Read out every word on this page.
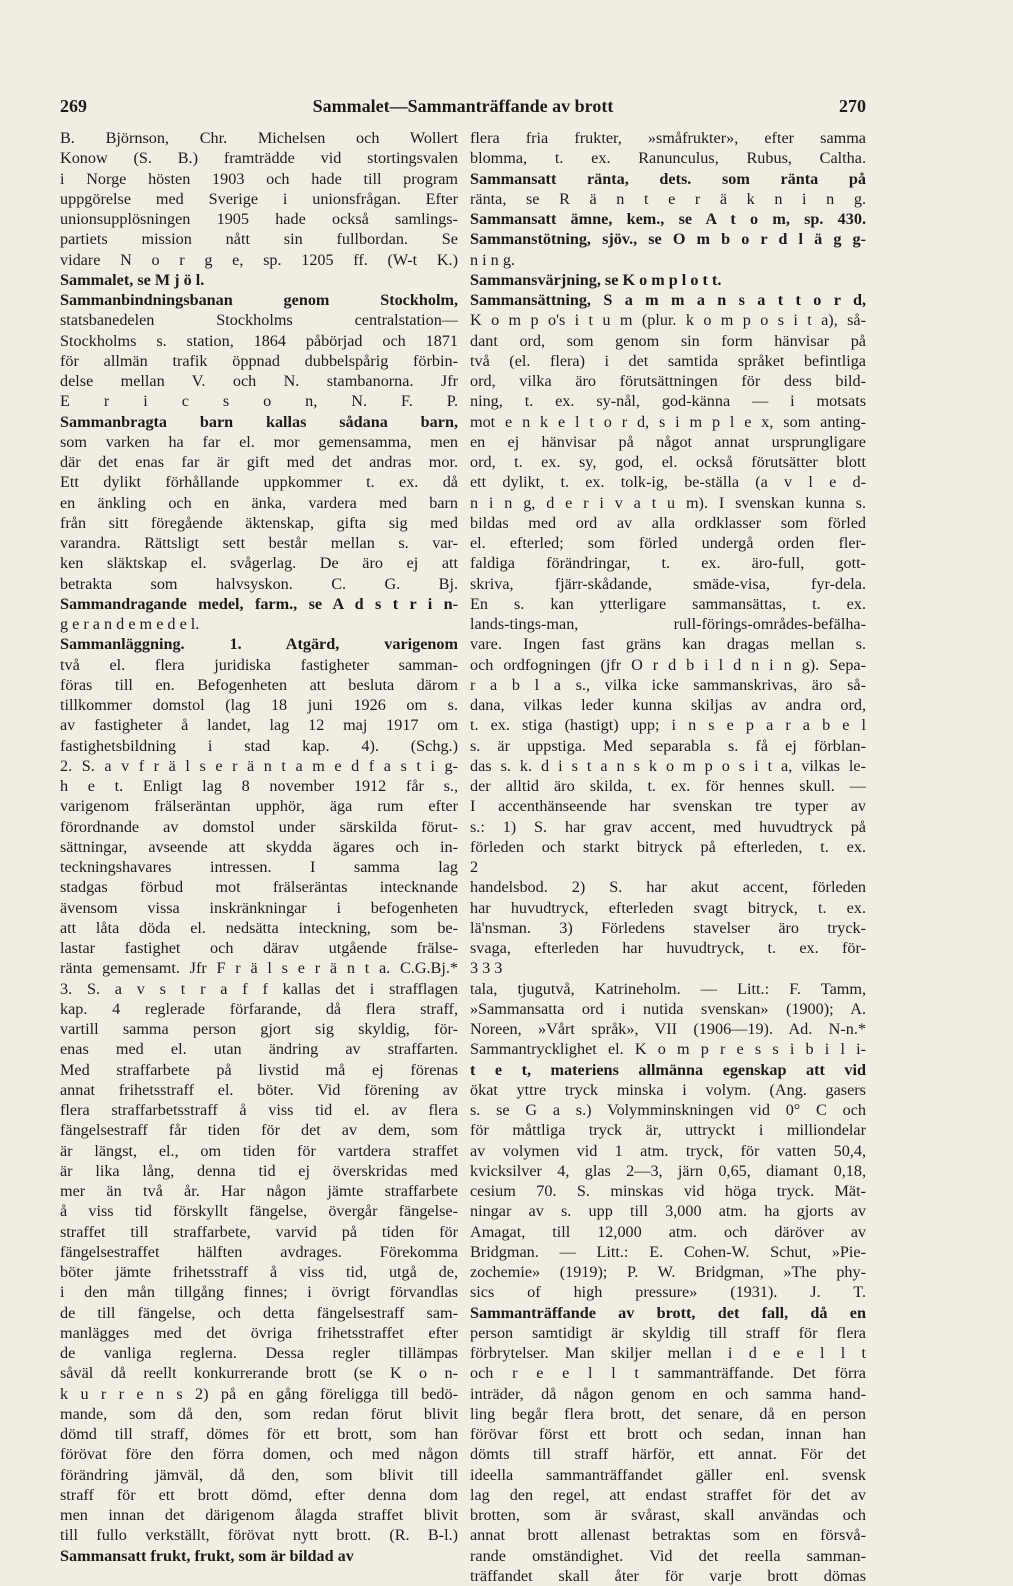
269	Sammalet—Sammanträffande av brott	270
B. Björnson, Chr. Michelsen och Wollert
Konow (S. B.) framträdde vid stortingsvalen
i Norge hösten 1903 och hade till program
uppgörelse med Sverige i unionsfrågan. Efter
unionsupplösningen 1905 hade också samlings-
partiets mission nått sin fullbordan. Se
vidare N o r g e, sp. 1205 ff. (W-t K.)
Sammalet, se M j ö l.
Sammanbindningsbanan genom Stockholm,
statsbanedelen Stockholms centralstation—
Stockholms s. station, 1864 påbörjad och 1871
för allmän trafik öppnad dubbelspårig förbin-
delse mellan V. och N. stambanorna. Jfr
E r i c s o n, N. F. P.
Sammanbragta barn kallas sådana barn,
som varken ha far el. mor gemensamma, men
där det enas far är gift med det andras mor.
Ett dylikt förhållande uppkommer t. ex. då
en änkling och en änka, vardera med barn
från sitt föregående äktenskap, gifta sig med
varandra. Rättsligt sett består mellan s. var-
ken släktskap el. svågerlag. De äro ej att
betrakta som halvsyskon. C. G. Bj.
Sammandragande medel, farm., se A d s t r i n-
g e r a n d e m e d e l.
Sammanläggning. 1. Atgärd, varigenom
två el. flera juridiska fastigheter samman-
föras till en. Befogenheten att besluta därom
tillkommer domstol (lag 18 juni 1926 om s.
av fastigheter å landet, lag 12 maj 1917 om
fastighetsbildning i stad kap. 4). (Schg.)
2. S. a v f r ä l s e r ä n t a m e d f a s t i g-
h e t. Enligt lag 8 november 1912 får s.,
varigenom frälseräntan upphör, äga rum efter
förordnande av domstol under särskilda förut-
sättningar, avseende att skydda ägares och in-
teckningshavares intressen. I samma lag
stadgas förbud mot frälseräntas intecknande
ävensom vissa inskränkningar i befogenheten
att låta döda el. nedsätta inteckning, som be-
lastar fastighet och därav utgående frälse-
ränta gemensamt. Jfr F r ä l s e r ä n t a. C.G.Bj.*
3. S. a v s t r a f f kallas det i strafflagen
kap. 4 reglerade förfarande, då flera straff,
vartill samma person gjort sig skyldig, för-
enas med el. utan ändring av straffarten.
Med straffarbete på livstid må ej förenas
annat frihetsstraff el. böter. Vid förening av
flera straffarbetsstraff å viss tid el. av flera
fängelsestraff får tiden för det av dem, som
är längst, el., om tiden för vartdera straffet
är lika lång, denna tid ej överskridas med
mer än två år. Har någon jämte straffarbete
å viss tid förskyllt fängelse, övergår fängelse-
straffet till straffarbete, varvid på tiden för
fängelsestraffet hälften avdrages. Förekomma
böter jämte frihetsstraff å viss tid, utgå de,
i den mån tillgång finnes; i övrigt förvandlas
de till fängelse, och detta fängelsestraff sam-
manlägges med det övriga frihetsstraffet efter
de vanliga reglerna. Dessa regler tillämpas
såväl då reellt konkurrerande brott (se K o n-
k u r r e n s 2) på en gång föreligga till bedö-
mande, som då den, som redan förut blivit
dömd till straff, dömes för ett brott, som han
förövat före den förra domen, och med någon
förändring jämväl, då den, som blivit till
straff för ett brott dömd, efter denna dom
men innan det därigenom ålagda straffet blivit
till fullo verkställt, förövat nytt brott. (R. B-l.)
Sammansatt frukt, frukt, som är bildad av
flera fria frukter, »småfrukter», efter samma
blomma, t. ex. Ranunculus, Rubus, Caltha.
Sammansatt ränta, dets. som ränta på
ränta, se R ä n t e r ä k n i n g.
Sammansatt ämne, kem., se A t o m, sp. 430.
Sammanstötning, sjöv., se O m b o r d l ä g g-
n i n g.
Sammansvärjning, se K o m p l o t t.
Sammansättning, S a m m a n s a t t o r d,
K o m p o's i t u m (plur. k o m p o s i t a), så-
dant ord, som genom sin form hänvisar på
två (el. flera) i det samtida språket befintliga
ord, vilka äro förutsättningen för dess bild-
ning, t. ex. sy-nål, god-känna — i motsats
mot e n k e l t o r d, s i m p l e x, som anting-
en ej hänvisar på något annat ursprungligare
ord, t. ex. sy, god, el. också förutsätter blott
ett dylikt, t. ex. tolk-ig, be-ställa (a v l e d-
n i n g, d e r i v a t u m). I svenskan kunna s.
bildas med ord av alla ordklasser som förled
el. efterled; som förled undergå orden fler-
faldiga förändringar, t. ex. äro-full, gott-
skriva, fjärr-skådande, smäde-visa, fyr-dela.
En s. kan ytterligare sammansättas, t. ex.
lands-tings-man, rull-förings-områdes-befälha-
vare. Ingen fast gräns kan dragas mellan s.
och ordfogningen (jfr O r d b i l d n i n g). Sepa-
r a b l a s., vilka icke sammanskrivas, äro så-
dana, vilkas leder kunna skiljas av andra ord,
t. ex. stiga (hastigt) upp; i n s e p a r a b e l
s. är uppstiga. Med separabla s. få ej förblan-
das s. k. d i s t a n s k o m p o s i t a, vilkas le-
der alltid äro skilda, t. ex. för hennes skull. —
I accenthänseende har svenskan tre typer av
s.: 1) S. har grav accent, med huvudtryck på
förleden och starkt bitryck på efterleden, t. ex.
2
handelsbod. 2) S. har akut accent, förleden
har huvudtryck, efterleden svagt bitryck, t. ex.
lä'nsman. 3) Förledens stavelser äro tryck-
svaga, efterleden har huvudtryck, t. ex. för-
3 3 3
tala, tjugutvå, Katrineholm. — Litt.: F. Tamm,
»Sammansatta ord i nutida svenskan» (1900); A.
Noreen, »Vårt språk», VII (1906—19). Ad. N-n.*
Sammantrycklighet el. K o m p r e s s i b i l i-
t e t, materiens allmänna egenskap att vid
ökat yttre tryck minska i volym. (Ang. gasers
s. se G a s.) Volymminskningen vid 0° C och
för måttliga tryck är, uttryckt i milliondelar
av volymen vid 1 atm. tryck, för vatten 50,4,
kvicksilver 4, glas 2—3, järn 0,65, diamant 0,18,
cesium 70. S. minskas vid höga tryck. Mät-
ningar av s. upp till 3,000 atm. ha gjorts av
Amagat, till 12,000 atm. och däröver av
Bridgman. — Litt.: E. Cohen-W. Schut, »Pie-
zochemie» (1919); P. W. Bridgman, »The phy-
sics of high pressure» (1931). J. T.
Sammanträffande av brott, det fall, då en
person samtidigt är skyldig till straff för flera
förbrytelser. Man skiljer mellan i d e e l l t
och r e e l l t sammanträffande. Det förra
inträder, då någon genom en och samma hand-
ling begår flera brott, det senare, då en person
förövar först ett brott och sedan, innan han
dömts till straff härför, ett annat. För det
ideella sammanträffandet gäller enl. svensk
lag den regel, att endast straffet för det av
brotten, som är svårast, skall användas och
annat brott allenast betraktas som en försvå-
rande omständighet. Vid det reella samman-
träffandet skall åter för varje brott dömas
